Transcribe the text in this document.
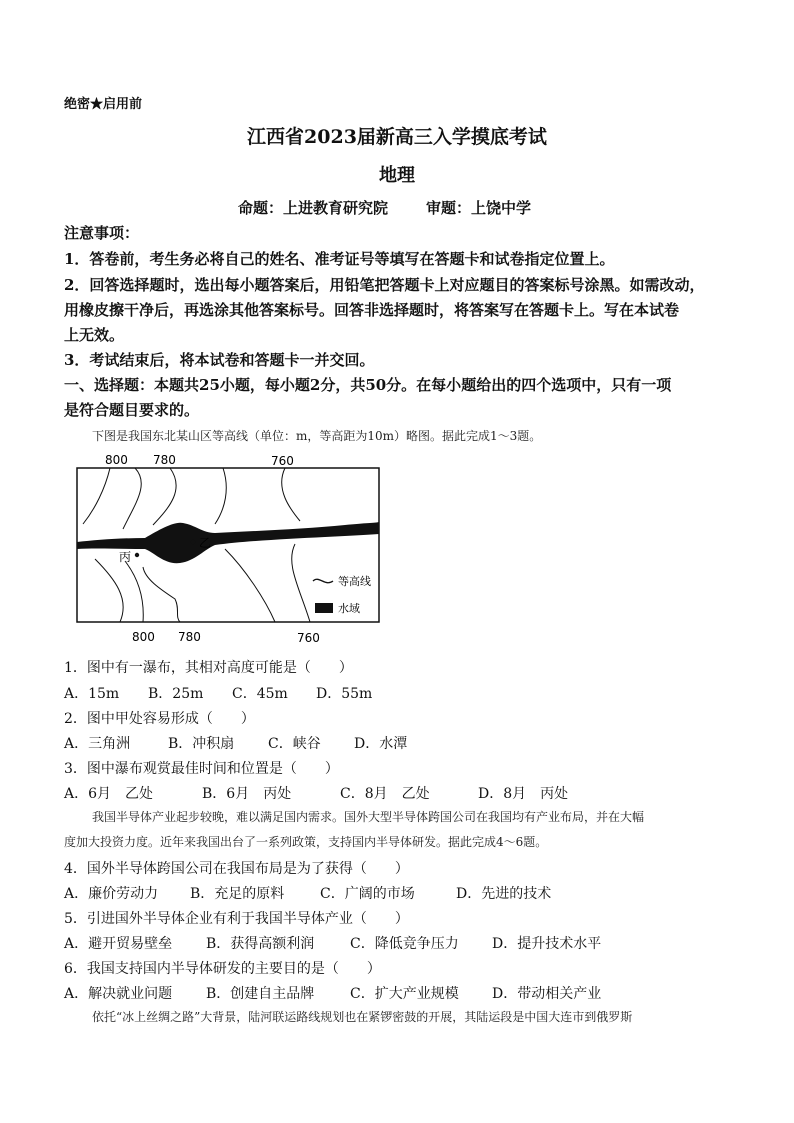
绝密★启用前
江西省2023届新高三入学摸底考试
地理
命题：上进教育研究院	审题：上饶中学
注意事项：
1．答卷前，考生务必将自己的姓名、准考证号等填写在答题卡和试卷指定位置上。
2．回答选择题时，选出每小题答案后，用铅笔把答题卡上对应题目的答案标号涂黑。如需改动，
用橡皮擦干净后，再选涂其他答案标号。回答非选择题时，将答案写在答题卡上。写在本试卷
上无效。
3．考试结束后，将本试卷和答题卡一并交回。
一、选择题：本题共25小题，每小题2分，共50分。在每小题给出的四个选项中，只有一项
是符合题目要求的。
下图是我国东北某山区等高线（单位：m，等高距为10m）略图。据此完成1～3题。
乙
丙
800 780	760
800 780	760
等高线
水域
1．图中有一瀑布，其相对高度可能是（　　）
A．15m B．25m C．45m D．55m
2．图中甲处容易形成（　　）
A．三角洲	B．冲积扇 C．峡谷 D．水潭
3．图中瀑布观赏最佳时间和位置是（　　）
A．6月　乙处	B．6月　丙处	C．8月　乙处	D．8月　丙处
我国半导体产业起步较晚，难以满足国内需求。国外大型半导体跨国公司在我国均有产业布局，并在大幅
度加大投资力度。近年来我国出台了一系列政策，支持国内半导体研发。据此完成4～6题。
4．国外半导体跨国公司在我国布局是为了获得（　　）
A．廉价劳动力 B．充足的原料	C．广阔的市场	D．先进的技术
5．引进国外半导体企业有利于我国半导体产业（　　）
A．避开贸易壁垒 B．获得高额利润	C．降低竞争压力 D．提升技术水平
6．我国支持国内半导体研发的主要目的是（　　）
A．解决就业问题 B．创建自主品牌	C．扩大产业规模 D．带动相关产业
依托“冰上丝绸之路”大背景，陆河联运路线规划也在紧锣密鼓的开展，其陆运段是中国大连市到俄罗斯
